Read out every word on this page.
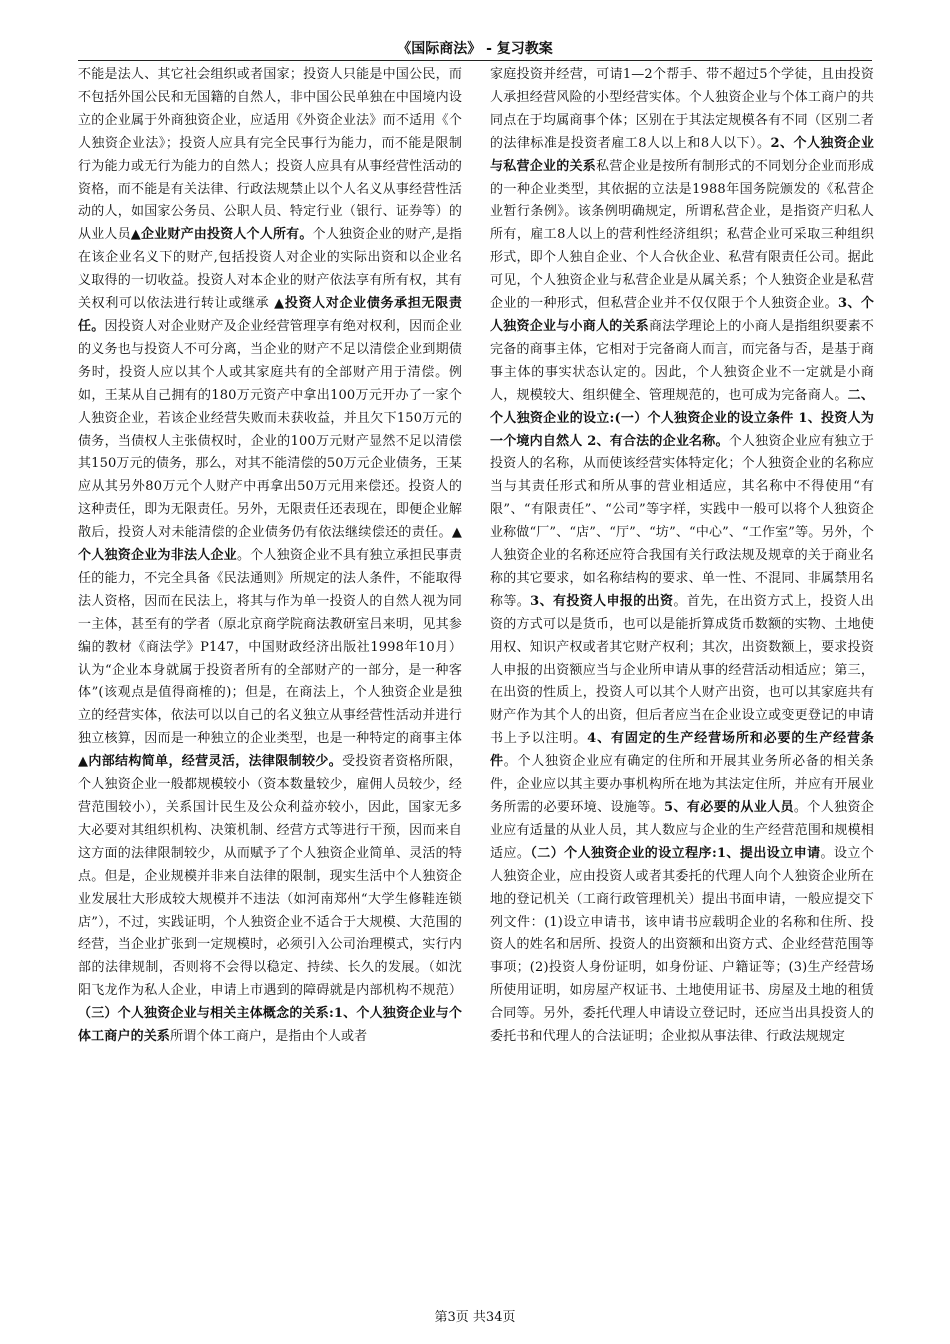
《国际商法》 - 复习教案
不能是法人、其它社会组织或者国家；投资人只能是中国公民，而不包括外国公民和无国籍的自然人，非中国公民单独在中国境内设立的企业属于外商独资企业，应适用《外资企业法》而不适用《个人独资企业法》；投资人应具有完全民事行为能力，而不能是限制行为能力或无行为能力的自然人；投资人应具有从事经营性活动的资格，而不能是有关法律、行政法规禁止以个人名义从事经营性活动的人，如国家公务员、公职人员、特定行业（银行、证券等）的从业人员▲企业财产由投资人个人所有。个人独资企业的财产,是指在该企业名义下的财产,包括投资人对企业的实际出资和以企业名义取得的一切收益。投资人对本企业的财产依法享有所有权，其有关权利可以依法进行转让或继承 ▲投资人对企业债务承担无限责任。因投资人对企业财产及企业经营管理享有绝对权利，因而企业的义务也与投资人不可分离，当企业的财产不足以清偿企业到期债务时，投资人应以其个人或其家庭共有的全部财产用于清偿。例如，王某从自己拥有的180万元资产中拿出100万元开办了一家个人独资企业，若该企业经营失败而未获收益，并且欠下150万元的债务，当债权人主张债权时，企业的100万元财产显然不足以清偿其150万元的债务，那么，对其不能清偿的50万元企业债务，王某应从其另外80万元个人财产中再拿出50万元用来偿还。投资人的这种责任，即为无限责任。另外，无限责任还表现在，即便企业解散后，投资人对未能清偿的企业债务仍有依法继续偿还的责任。▲个人独资企业为非法人企业。个人独资企业不具有独立承担民事责任的能力，不完全具备《民法通则》所规定的法人条件，不能取得法人资格，因而在民法上，将其与作为单一投资人的自然人视为同一主体，甚至有的学者（原北京商学院商法教研室吕来明，见其参编的教材《商法学》P147，中国财政经济出版社1998年10月）认为“企业本身就属于投资者所有的全部财产的一部分，是一种客体”(该观点是值得商榷的)；但是，在商法上，个人独资企业是独立的经营实体，依法可以以自己的名义独立从事经营性活动并进行独立核算，因而是一种独立的企业类型，也是一种特定的商事主体▲内部结构简单，经营灵活，法律限制较少。受投资者资格所限，个人独资企业一般都规模较小（资本数量较少，雇佣人员较少，经营范围较小），关系国计民生及公众利益亦较小，因此，国家无多大必要对其组织机构、决策机制、经营方式等进行干预，因而来自这方面的法律限制较少，从而赋予了个人独资企业简单、灵活的特点。但是，企业规模并非来自法律的限制，现实生活中个人独资企业发展壮大形成较大规模并不违法（如河南郑州“大学生修鞋连锁店”），不过，实践证明，个人独资企业不适合于大规模、大范围的经营，当企业扩张到一定规模时，必须引入公司治理模式，实行内部的法律规制，否则将不会得以稳定、持续、长久的发展。（如沈阳飞龙作为私人企业，申请上市遇到的障碍就是内部机构不规范）（三）个人独资企业与相关主体概念的关系:1、个人独资企业与个体工商户的关系所谓个体工商户，是指由个人或者
家庭投资并经营，可请1—2个帮手、带不超过5个学徒，且由投资人承担经营风险的小型经营实体。个人独资企业与个体工商户的共同点在于均属商事个体；区别在于其法定规模各有不同（区别二者的法律标准是投资者雇工8人以上和8人以下）。2、个人独资企业与私营企业的关系私营企业是按所有制形式的不同划分企业而形成的一种企业类型，其依据的立法是1988年国务院颁发的《私营企业暂行条例》。该条例明确规定，所谓私营企业，是指资产归私人所有，雇工8人以上的营利性经济组织；私营企业可采取三种组织形式，即个人独自企业、个人合伙企业、私营有限责任公司。据此可见，个人独资企业与私营企业是从属关系；个人独资企业是私营企业的一种形式，但私营企业并不仅仅限于个人独资企业。3、个人独资企业与小商人的关系商法学理论上的小商人是指组织要素不完备的商事主体，它相对于完备商人而言，而完备与否，是基于商事主体的事实状态认定的。因此，个人独资企业不一定就是小商人，规模较大、组织健全、管理规范的，也可成为完备商人。二、个人独资企业的设立:(一）个人独资企业的设立条件 1、投资人为一个境内自然人 2、有合法的企业名称。个人独资企业应有独立于投资人的名称，从而使该经营实体特定化；个人独资企业的名称应当与其责任形式和所从事的营业相适应，其名称中不得使用“有限”、“有限责任”、“公司”等字样，实践中一般可以将个人独资企业称做“厂”、“店”、“厅”、“坊”、“中心”、“工作室”等。另外，个人独资企业的名称还应符合我国有关行政法规及规章的关于商业名称的其它要求，如名称结构的要求、单一性、不混同、非属禁用名称等。3、有投资人申报的出资。首先，在出资方式上，投资人出资的方式可以是货币，也可以是能折算成货币数额的实物、土地使用权、知识产权或者其它财产权利；其次，出资数额上，要求投资人申报的出资额应当与企业所申请从事的经营活动相适应；第三，在出资的性质上，投资人可以其个人财产出资，也可以其家庭共有财产作为其个人的出资，但后者应当在企业设立或变更登记的申请书上予以注明。4、有固定的生产经营场所和必要的生产经营条件。个人独资企业应有确定的住所和开展其业务所必备的相关条件，企业应以其主要办事机构所在地为其法定住所，并应有开展业务所需的必要环境、设施等。5、有必要的从业人员。个人独资企业应有适量的从业人员，其人数应与企业的生产经营范围和规模相适应。（二）个人独资企业的设立程序:1、提出设立申请。设立个人独资企业，应由投资人或者其委托的代理人向个人独资企业所在地的登记机关（工商行政管理机关）提出书面申请，一般应提交下列文件：(1)设立申请书，该申请书应载明企业的名称和住所、投资人的姓名和居所、投资人的出资额和出资方式、企业经营范围等事项；(2)投资人身份证明，如身份证、户籍证等；(3)生产经营场所使用证明，如房屋产权证书、土地使用证书、房屋及土地的租赁合同等。另外，委托代理人申请设立登记时，还应当出具投资人的委托书和代理人的合法证明；企业拟从事法律、行政法规规定
第3页 共34页
